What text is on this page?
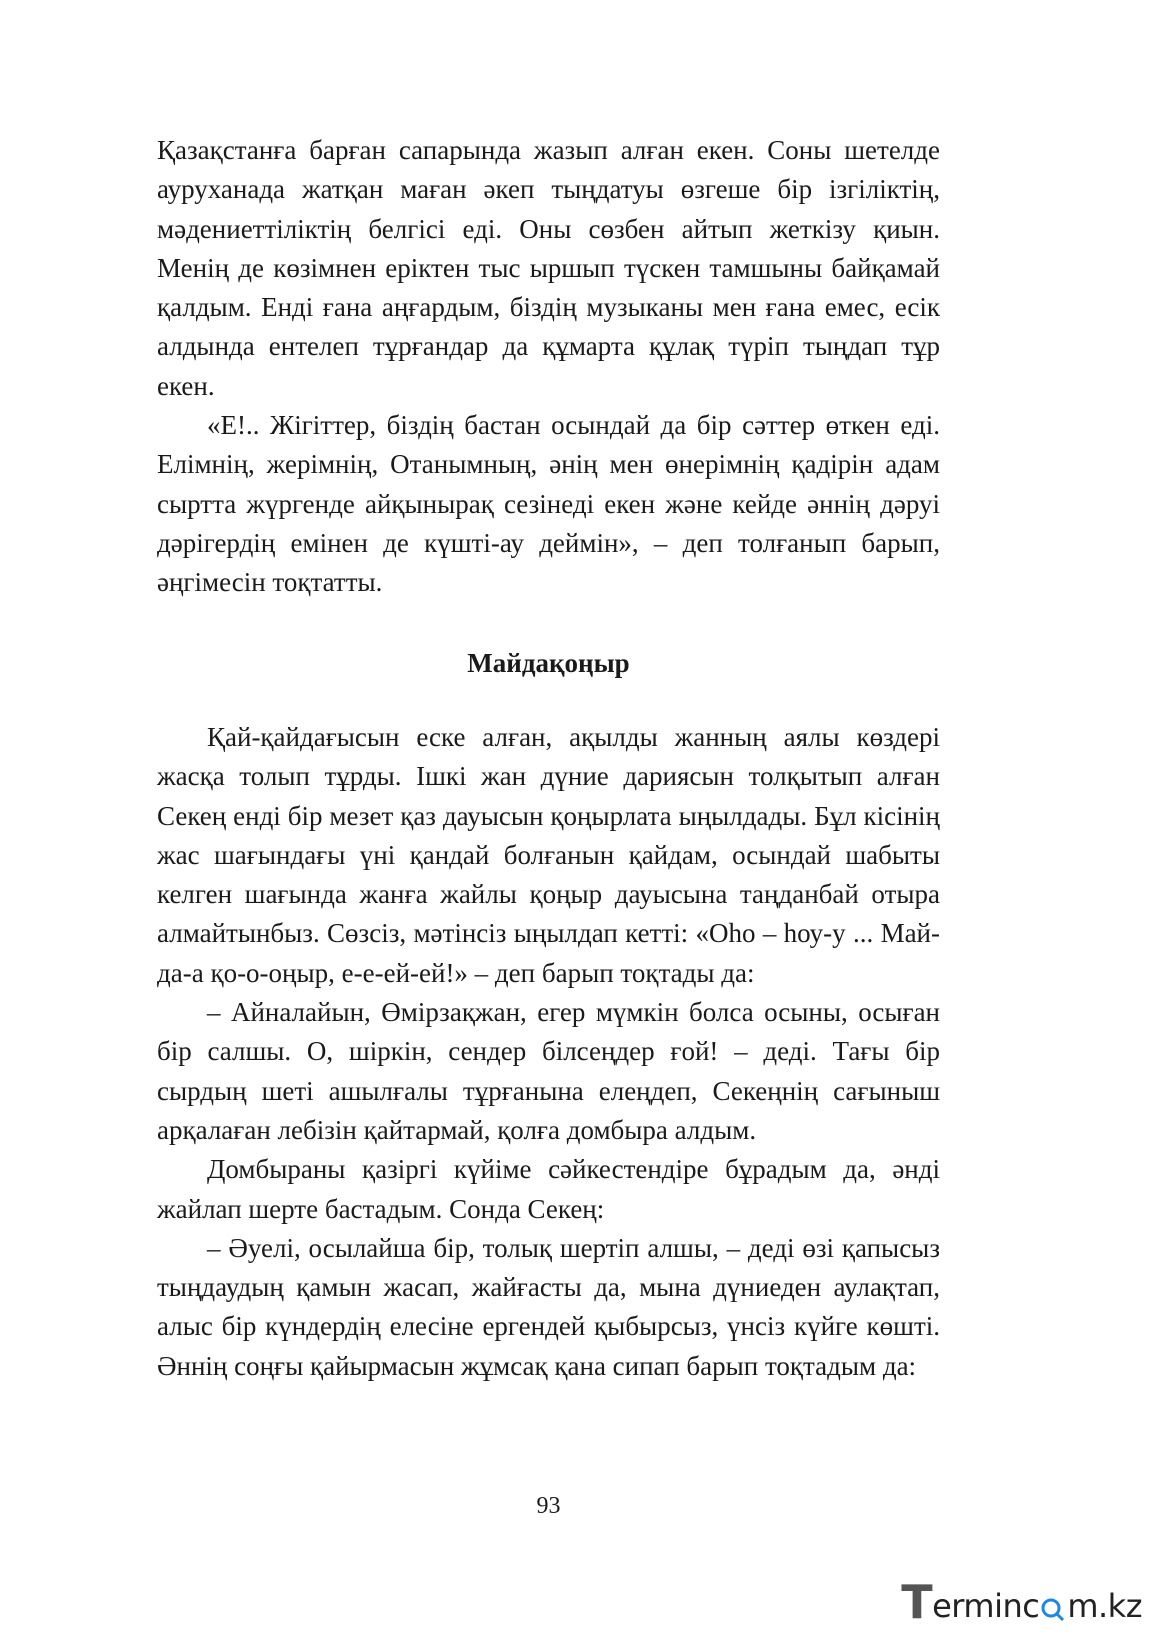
Қазақстанға барған сапарында жазып алған екен. Соны шетелде ауруханада жатқан маған әкеп тыңдатуы өзгеше бір ізгіліктің, мәдениеттіліктің белгісі еді. Оны сөзбен айтып жеткізу қиын. Менің де көзімнен еріктен тыс ыршып түскен тамшыны байқамай қалдым. Енді ғана аңғардым, біздің музыканы мен ғана емес, есік алдында ентелеп тұрғандар да құмарта құлақ түріп тыңдап тұр екен.

«Е!.. Жігіттер, біздің бастан осындай да бір сәттер өткен еді. Елімнің, жерімнің, Отанымның, әнің мен өнерімнің қадірін адам сыртта жүргенде айқынырақ сезінеді екен және кейде әннің дәруі дәрігердің емінен де күшті-ау деймін», – деп толғанып барып, әңгімесін тоқтатты.

Майдақоңыр

Қай-қайдағысын еске алған, ақылды жанның аялы көздері жасқа толып тұрды. Ішкі жан дүние дариясын толқытып алған Секең енді бір мезет қаз дауысын қоңырлата ыңылдады. Бұл кісінің жас шағындағы үні қандай болғанын қайдам, осындай шабыты келген шағында жанға жайлы қоңыр дауысына таңданбай отыра алмайтынбыз. Сөзсіз, мәтінсіз ыңылдап кетті: «Оһо – һоу-у ... Май-да-а қо-о-оңыр, е-е-ей-ей!» – деп барып тоқтады да:

– Айналайын, Өмірзақжан, егер мүмкін болса осыны, осыған бір салшы. О, шіркін, сендер білсеңдер ғой! – деді. Тағы бір сырдың шеті ашылғалы тұрғанына елеңдеп, Секеңнің сағыныш арқалаған лебізін қайтармай, қолға домбыра алдым.

Домбыраны қазіргі күйіме сәйкестендіре бұрадым да, әнді жайлап шерте бастадым. Сонда Секең:

– Әуелі, осылайша бір, толық шертіп алшы, – деді өзі қапысыз тыңдаудың қамын жасап, жайғасты да, мына дүниеден аулақтап, алыс бір күндердің елесіне ергендей қыбырсыз, үнсіз күйге көшті. Әннің соңғы қайырмасын жұмсақ қана сипап барып тоқтадым да:

93
T erminc m.kz
